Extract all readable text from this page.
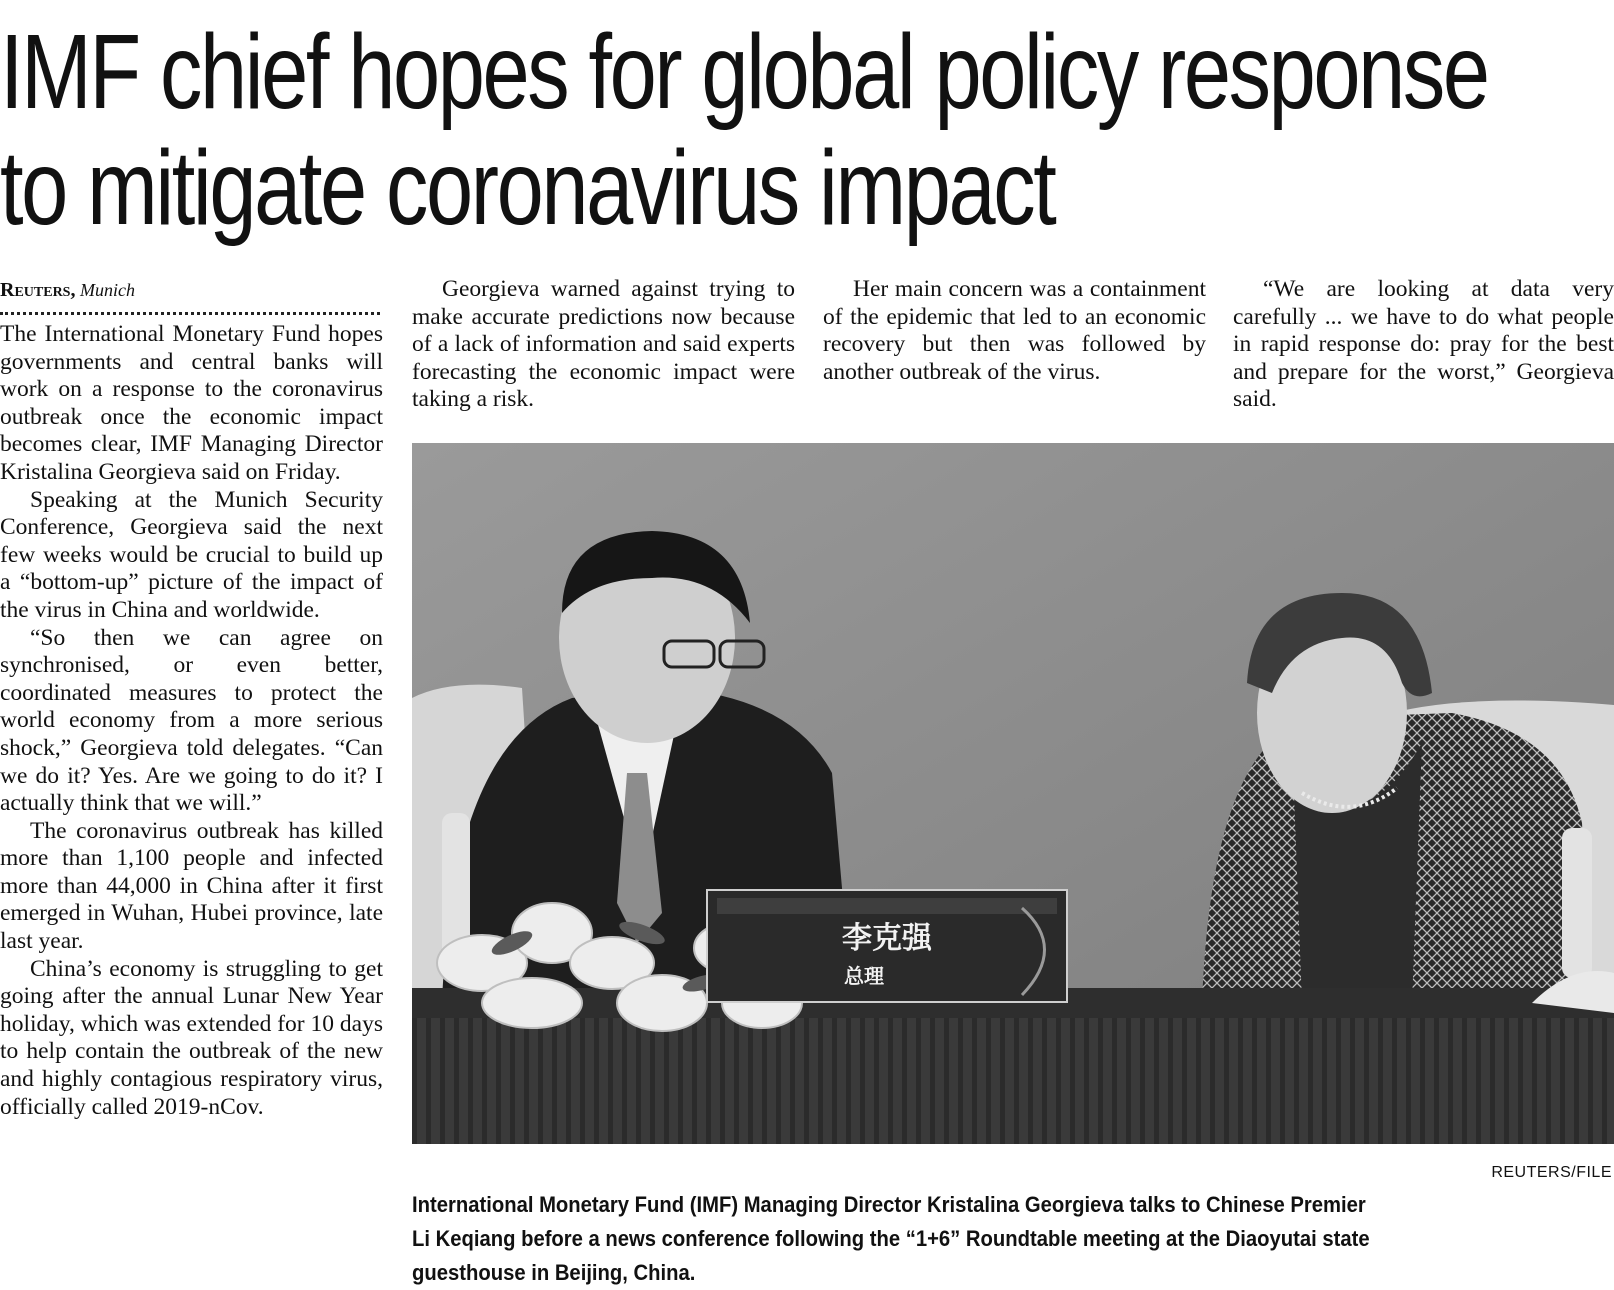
IMF chief hopes for global policy response
to mitigate coronavirus impact
Reuters, Munich

The International Monetary Fund hopes governments and central banks will work on a response to the coronavirus outbreak once the economic impact becomes clear, IMF Managing Director Kristalina Georgieva said on Friday.

Speaking at the Munich Security Conference, Georgieva said the next few weeks would be crucial to build up a “bottom-up” picture of the impact of the virus in China and worldwide.

“So then we can agree on synchronised, or even better, coordinated measures to protect the world economy from a more serious shock,” Georgieva told delegates. “Can we do it? Yes. Are we going to do it? I actually think that we will.”

The coronavirus outbreak has killed more than 1,100 people and infected more than 44,000 in China after it first emerged in Wuhan, Hubei province, late last year.

China’s economy is struggling to get going after the annual Lunar New Year holiday, which was extended for 10 days to help contain the outbreak of the new and highly contagious respiratory virus, officially called 2019-nCov.

Georgieva warned against trying to make accurate predictions now because of a lack of information and said experts forecasting the economic impact were taking a risk.

Her main concern was a containment of the epidemic that led to an economic recovery but then was followed by another outbreak of the virus.

“We are looking at data very carefully ... we have to do what people in rapid response do: pray for the best and prepare for the worst,” Georgieva said.

李克强
总理
REUTERS/FILE
International Monetary Fund (IMF) Managing Director Kristalina Georgieva talks to Chinese Premier
Li Keqiang before a news conference following the “1+6” Roundtable meeting at the Diaoyutai state
guesthouse in Beijing, China.
